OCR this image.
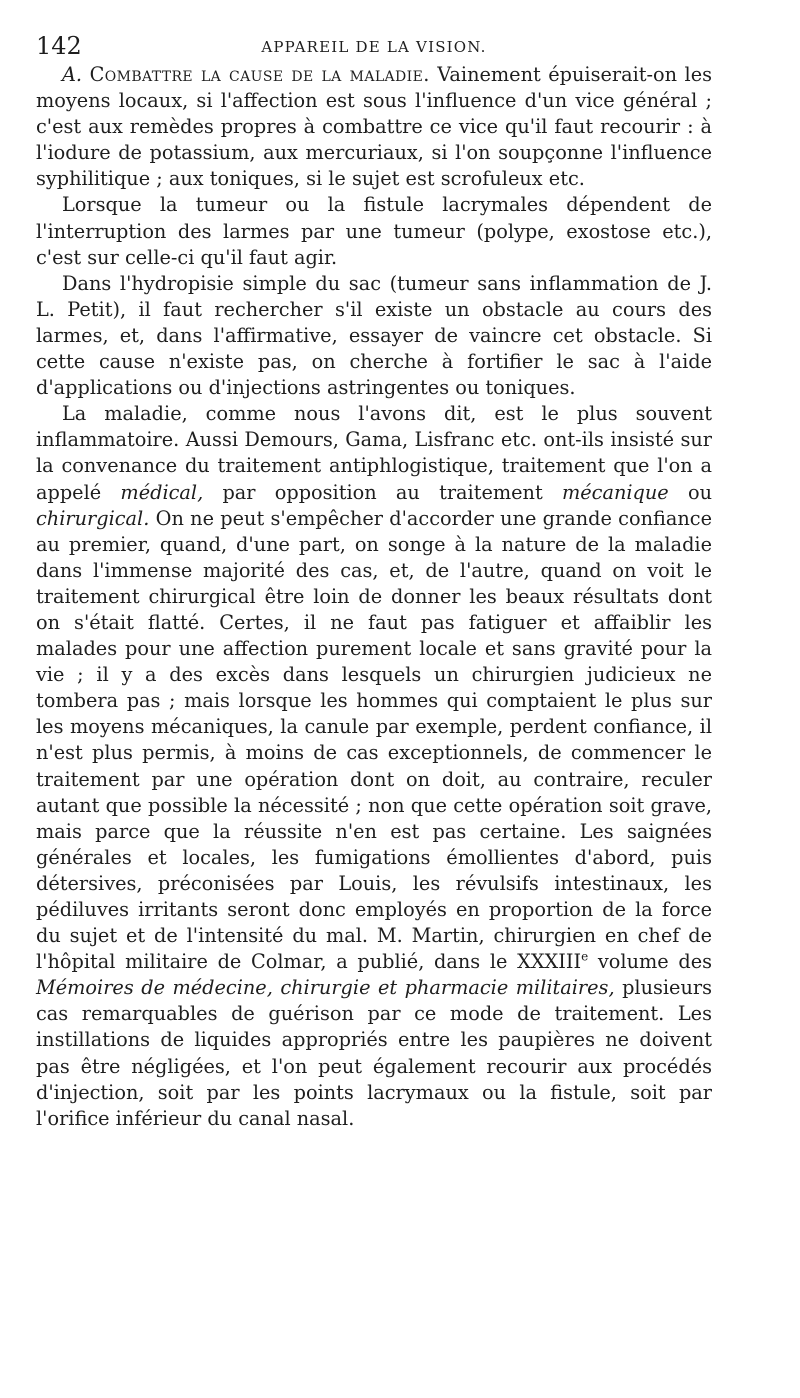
142	APPAREIL DE LA VISION.

A. Combattre la cause de la maladie. Vainement épuiserait-on les moyens locaux, si l'affection est sous l'influence d'un vice général ; c'est aux remèdes propres à combattre ce vice qu'il faut recourir : à l'iodure de potassium, aux mercuriaux, si l'on soupçonne l'influence syphilitique ; aux toniques, si le sujet est scrofuleux etc.

Lorsque la tumeur ou la fistule lacrymales dépendent de l'interruption des larmes par une tumeur (polype, exostose etc.), c'est sur celle-ci qu'il faut agir.

Dans l'hydropisie simple du sac (tumeur sans inflammation de J. L. Petit), il faut rechercher s'il existe un obstacle au cours des larmes, et, dans l'affirmative, essayer de vaincre cet obstacle. Si cette cause n'existe pas, on cherche à fortifier le sac à l'aide d'applications ou d'injections astringentes ou toniques.

La maladie, comme nous l'avons dit, est le plus souvent inflammatoire. Aussi Demours, Gama, Lisfranc etc. ont-ils insisté sur la convenance du traitement antiphlogistique, traitement que l'on a appelé médical, par opposition au traitement mécanique ou chirurgical. On ne peut s'empêcher d'accorder une grande confiance au premier, quand, d'une part, on songe à la nature de la maladie dans l'immense majorité des cas, et, de l'autre, quand on voit le traitement chirurgical être loin de donner les beaux résultats dont on s'était flatté. Certes, il ne faut pas fatiguer et affaiblir les malades pour une affection purement locale et sans gravité pour la vie ; il y a des excès dans lesquels un chirurgien judicieux ne tombera pas ; mais lorsque les hommes qui comptaient le plus sur les moyens mécaniques, la canule par exemple, perdent confiance, il n'est plus permis, à moins de cas exceptionnels, de commencer le traitement par une opération dont on doit, au contraire, reculer autant que possible la nécessité ; non que cette opération soit grave, mais parce que la réussite n'en est pas certaine. Les saignées générales et locales, les fumigations émollientes d'abord, puis détersives, préconisées par Louis, les révulsifs intestinaux, les pédiluves irritants seront donc employés en proportion de la force du sujet et de l'intensité du mal. M. Martin, chirurgien en chef de l'hôpital militaire de Colmar, a publié, dans le XXXIIIe volume des Mémoires de médecine, chirurgie et pharmacie militaires, plusieurs cas remarquables de guérison par ce mode de traitement. Les instillations de liquides appropriés entre les paupières ne doivent pas être négligées, et l'on peut également recourir aux procédés d'injection, soit par les points lacrymaux ou la fistule, soit par l'orifice inférieur du canal nasal.
